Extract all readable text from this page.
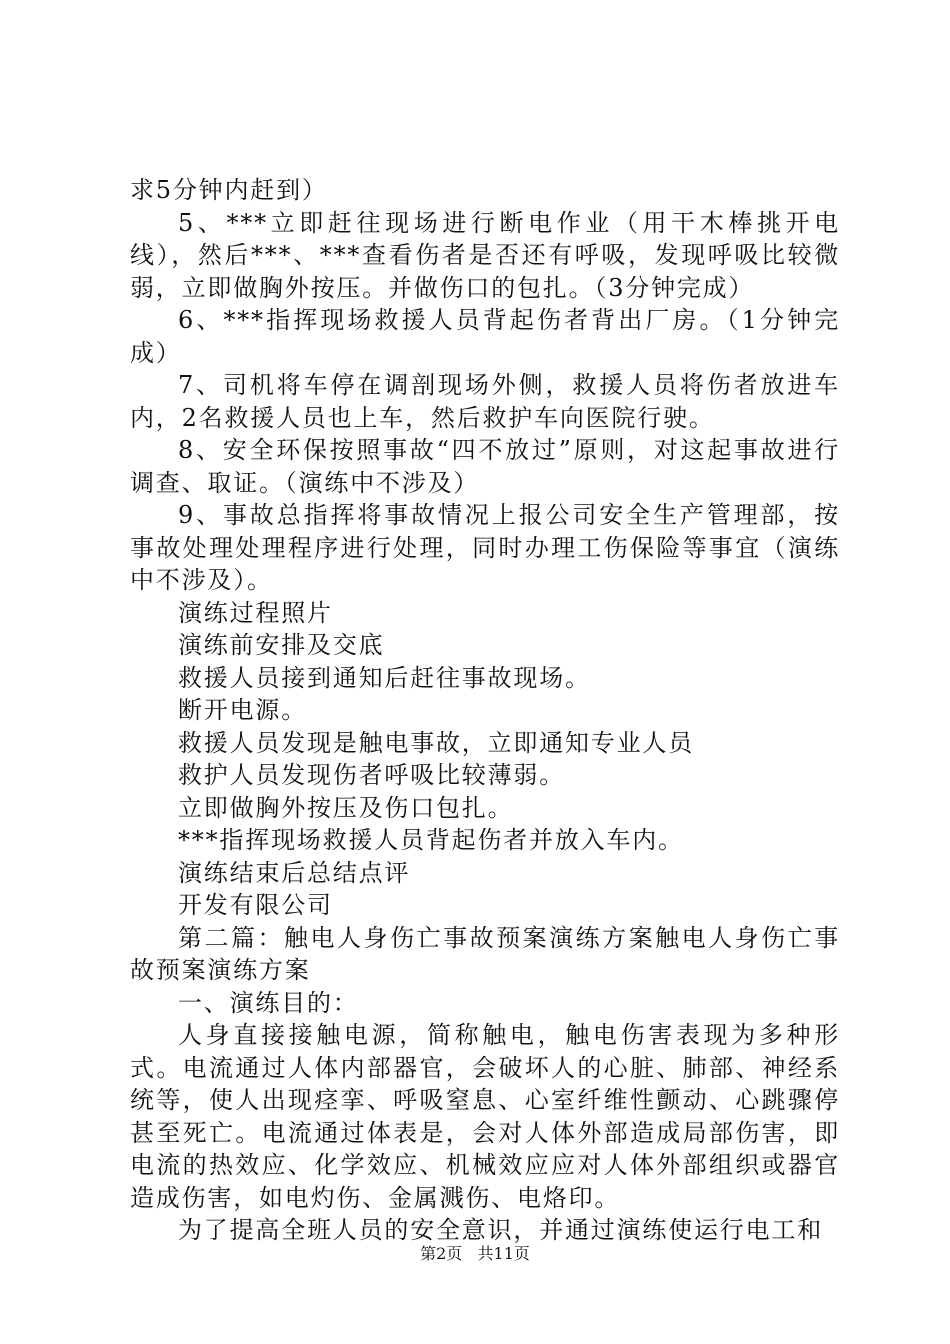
求5分钟内赶到）

5、***立即赶往现场进行断电作业（用干木棒挑开电线），然后***、***查看伤者是否还有呼吸，发现呼吸比较微弱，立即做胸外按压。并做伤口的包扎。（3分钟完成）

6、***指挥现场救援人员背起伤者背出厂房。（1分钟完成）

7、司机将车停在调剖现场外侧，救援人员将伤者放进车内，2名救援人员也上车，然后救护车向医院行驶。

8、安全环保按照事故“四不放过”原则，对这起事故进行调查、取证。（演练中不涉及）

9、事故总指挥将事故情况上报公司安全生产管理部，按事故处理处理程序进行处理，同时办理工伤保险等事宜（演练中不涉及）。

演练过程照片

演练前安排及交底

救援人员接到通知后赶往事故现场。

断开电源。

救援人员发现是触电事故，立即通知专业人员

救护人员发现伤者呼吸比较薄弱。

立即做胸外按压及伤口包扎。

***指挥现场救援人员背起伤者并放入车内。

演练结束后总结点评

开发有限公司

第二篇：触电人身伤亡事故预案演练方案触电人身伤亡事故预案演练方案

一、演练目的：

人身直接接触电源，简称触电，触电伤害表现为多种形式。电流通过人体内部器官，会破坏人的心脏、肺部、神经系统等，使人出现痉挛、呼吸窒息、心室纤维性颤动、心跳骤停甚至死亡。电流通过体表是，会对人体外部造成局部伤害，即电流的热效应、化学效应、机械效应应对人体外部组织或器官造成伤害，如电灼伤、金属溅伤、电烙印。

为了提高全班人员的安全意识，并通过演练使运行电工和

第2页 共11页
